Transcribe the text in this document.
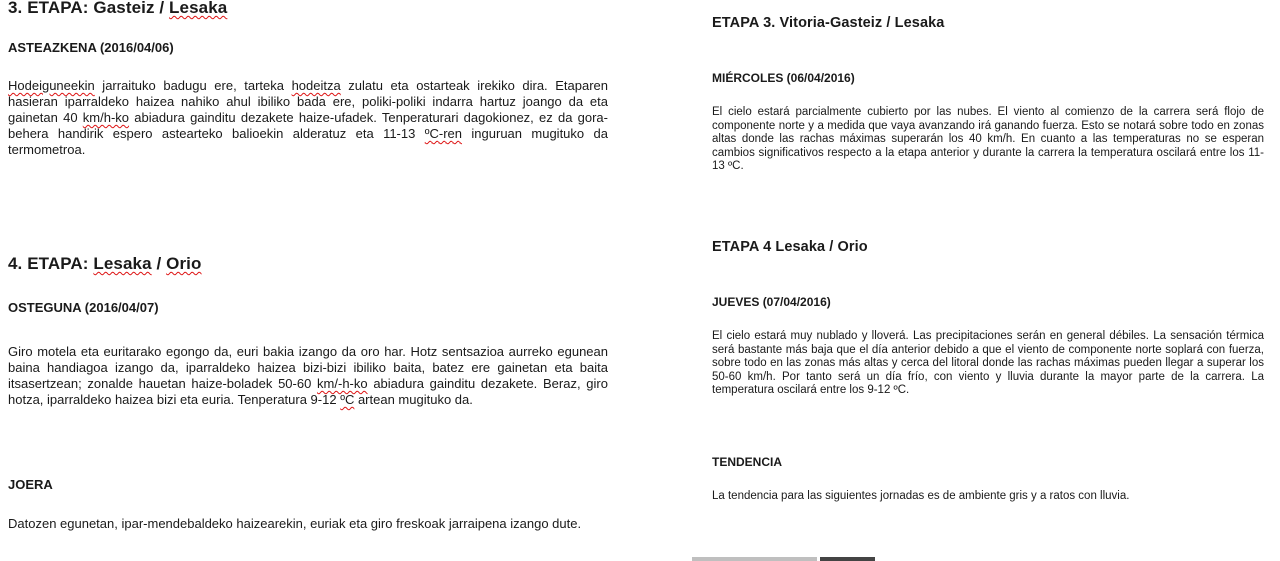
3. ETAPA: Gasteiz / Lesaka
ASTEAZKENA (2016/04/06)

Hodeiguneekin jarraituko badugu ere, tarteka hodeitza zulatu eta ostarteak irekiko dira. Etaparen hasieran iparraldeko haizea nahiko ahul ibiliko bada ere, poliki-poliki indarra hartuz joango da eta gainetan 40 km/h-ko abiadura gainditu dezakete haize-ufadek. Tenperaturari dagokionez, ez da gora-behera handirik espero astearteko balioekin alderatuz eta 11-13 ºC-ren inguruan mugituko da termometroa.

4. ETAPA: Lesaka / Orio
OSTEGUNA (2016/04/07)

Giro motela eta euritarako egongo da, euri bakia izango da oro har. Hotz sentsazioa aurreko egunean baina handiagoa izango da, iparraldeko haizea bizi-bizi ibiliko baita, batez ere gainetan eta baita itsasertzean; zonalde hauetan haize-boladek 50-60 km/-h-ko abiadura gainditu dezakete. Beraz, giro hotza, iparraldeko haizea bizi eta euria. Tenperatura 9-12 ºC artean mugituko da.

JOERA

Datozen egunetan, ipar-mendebaldeko haizearekin, euriak eta giro freskoak jarraipena izango dute.

ETAPA 3. Vitoria-Gasteiz / Lesaka
MIÉRCOLES (06/04/2016)

El cielo estará parcialmente cubierto por las nubes. El viento al comienzo de la carrera será flojo de componente norte y a medida que vaya avanzando irá ganando fuerza. Esto se notará sobre todo en zonas altas donde las rachas máximas superarán los 40 km/h. En cuanto a las temperaturas no se esperan cambios significativos respecto a la etapa anterior y durante la carrera la temperatura oscilará entre los 11-13 ºC.

ETAPA 4 Lesaka / Orio
JUEVES (07/04/2016)

El cielo estará muy nublado y lloverá. Las precipitaciones serán en general débiles. La sensación térmica será bastante más baja que el día anterior debido a que el viento de componente norte soplará con fuerza, sobre todo en las zonas más altas y cerca del litoral donde las rachas máximas pueden llegar a superar los 50-60 km/h. Por tanto será un día frío, con viento y lluvia durante la mayor parte de la carrera. La temperatura oscilará entre los 9-12 ºC.

TENDENCIA

La tendencia para las siguientes jornadas es de ambiente gris y a ratos con lluvia.
